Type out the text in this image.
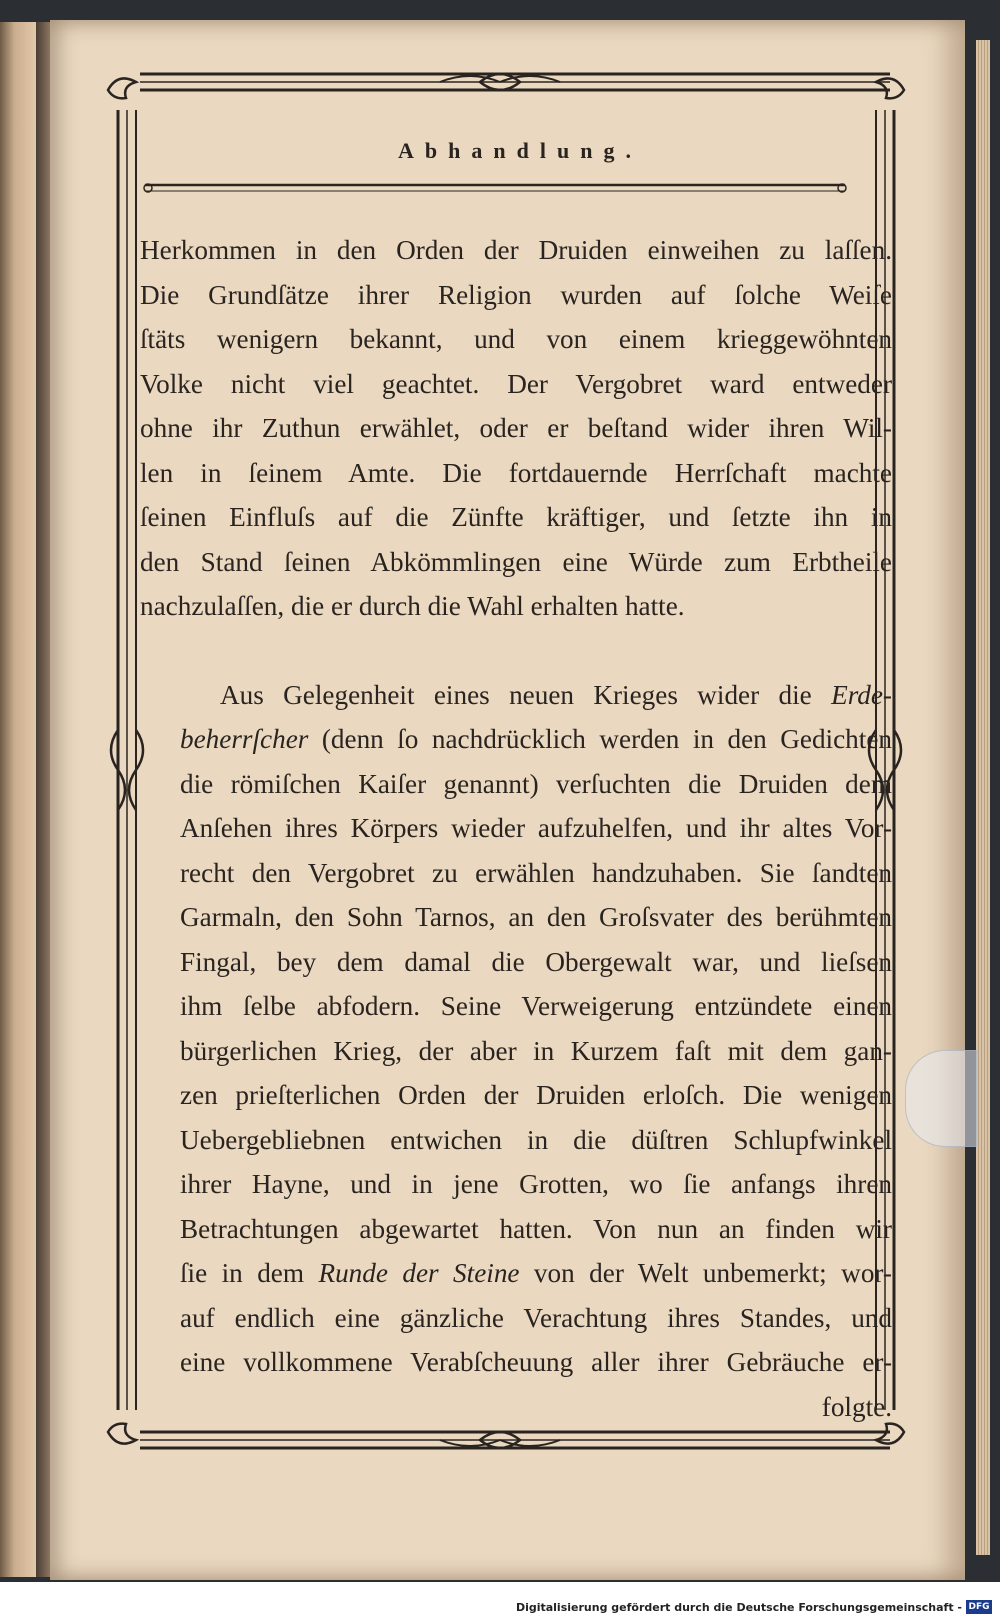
Abhandlung.

Herkommen in den Orden der Druiden einweihen zu laſſen.
Die Grundſätze ihrer Religion wurden auf ſolche Weiſe
ſtäts wenigern bekannt, und von einem kriеggewöhnten
Volke nicht viel geachtet. Der Vergobret ward entweder
ohne ihr Zuthun erwählet, oder er beſtand wider ihren Wil-
len in ſeinem Amte. Die fortdauernde Herrſchaft machte
ſeinen Einfluſs auf die Zünfte kräftiger, und ſetzte ihn in
den Stand ſeinen Abkömmlingen eine Würde zum Erbtheile
nachzulaſſen, die er durch die Wahl erhalten hatte.

Aus Gelegenheit eines neuen Krieges wider die Erde-
beherrſcher (denn ſo nachdrücklich werden in den Gedichten
die römiſchen Kaiſer genannt) verſuchten die Druiden dem
Anſehen ihres Körpers wieder aufzuhelfen, und ihr altes Vor-
recht den Vergobret zu erwählen handzuhaben. Sie ſandten
Garmaln, den Sohn Tarnos, an den Groſsvater des berühmten
Fingal, bey dem damal die Obergewalt war, und lieſsen
ihm ſelbe abfodern. Seine Verweigerung entzündete einen
bürgerlichen Krieg, der aber in Kurzem faſt mit dem gan-
zen prieſterlichen Orden der Druiden erloſch. Die wenigen
Uebergebliebnen entwichen in die düſtren Schlupfwinkel
ihrer Hayne, und in jene Grotten, wo ſie anfangs ihren
Betrachtungen abgewartet hatten. Von nun an finden wir
ſie in dem Runde der Steine von der Welt unbemerkt; wor-
auf endlich eine gänzliche Verachtung ihres Standes, und
eine vollkommene Verabſcheuung aller ihrer Gebräuche er-
folgte.

Digitalisierung gefördert durch die Deutsche Forschungsgemeinschaft - DFG
